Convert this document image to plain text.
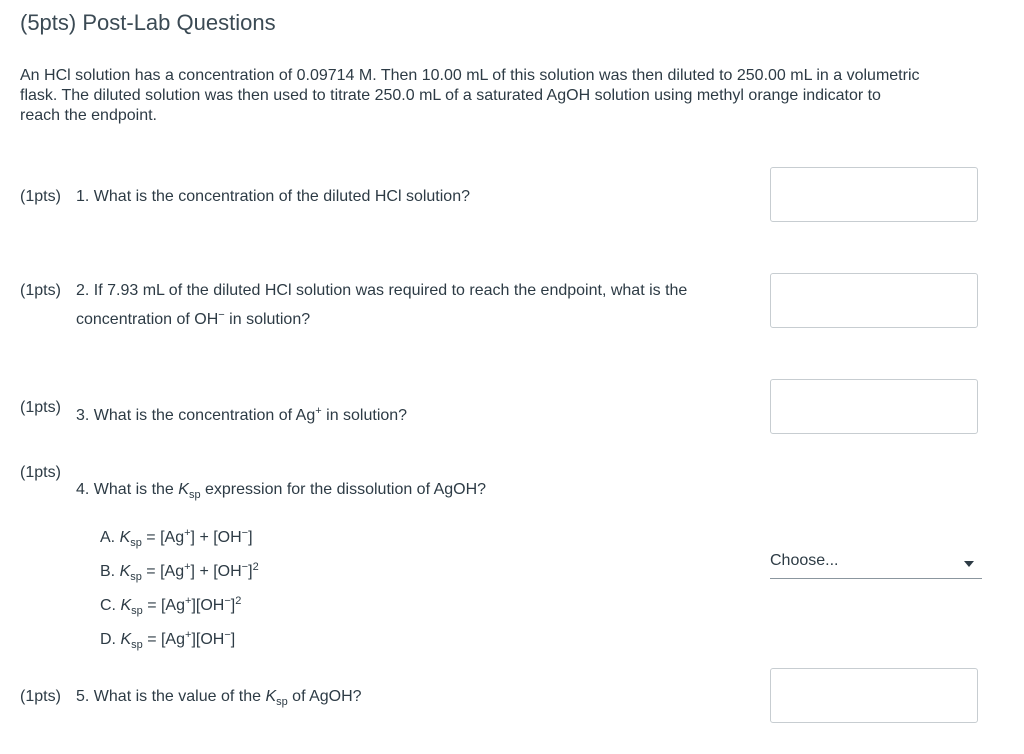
(5pts) Post-Lab Questions
An HCl solution has a concentration of 0.09714 M. Then 10.00 mL of this solution was then diluted to 250.00 mL in a volumetric
flask. The diluted solution was then used to titrate 250.0 mL of a saturated AgOH solution using methyl orange indicator to
reach the endpoint.
(1pts) 1. What is the concentration of the diluted HCl solution?
(1pts) 2. If 7.93 mL of the diluted HCl solution was required to reach the endpoint, what is the
concentration of OH− in solution?
(1pts) 3. What is the concentration of Ag+ in solution?
(1pts)
4. What is the $K_{sp}$ expression for the dissolution of AgOH?
A. $K_{sp} = [Ag^+] + [OH^-]$
B. $K_{sp} = [Ag^+] + [OH^-]^2$
C. $K_{sp} = [Ag^+][OH^-]^2$
D. $K_{sp} = [Ag^+][OH^-]$
Choose...
(1pts) 5. What is the value of the $K_{sp}$ of AgOH?
